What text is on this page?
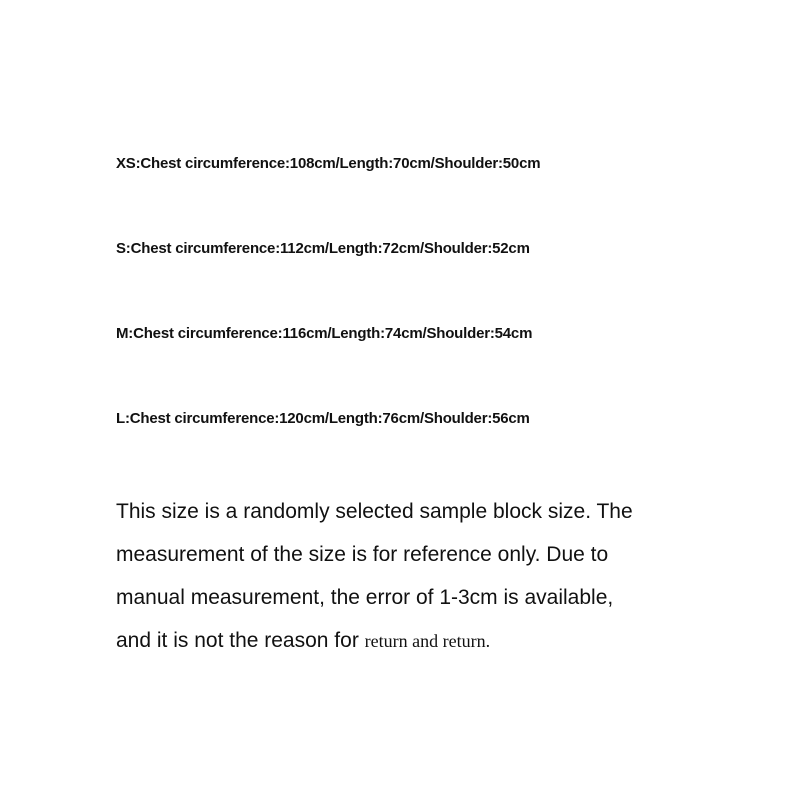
XS:Chest circumference:108cm/Length:70cm/Shoulder:50cm
S:Chest circumference:112cm/Length:72cm/Shoulder:52cm
M:Chest circumference:116cm/Length:74cm/Shoulder:54cm
L:Chest circumference:120cm/Length:76cm/Shoulder:56cm
This size is a randomly selected sample block size. The
measurement of the size is for reference only. Due to
manual measurement, the error of 1-3cm is available,
and it is not the reason for return and return.
